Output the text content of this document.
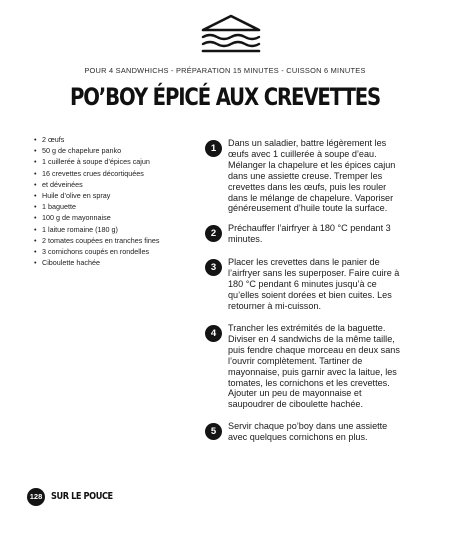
POUR 4 SANDWHICHS - PRÉPARATION 15 MINUTES - CUISSON 6 MINUTES
PO’BOY ÉPICÉ AUX CREVETTES
• 2 œufs
• 50 g de chapelure panko
• 1 cuillerée à soupe d’épices cajun
• 16 crevettes crues décortiquées
• et déveinées
• Huile d’olive en spray
• 1 baguette
• 100 g de mayonnaise
• 1 laitue romaine (180 g)
• 2 tomates coupées en tranches fines
• 3 cornichons coupés en rondelles
• Ciboulette hachée
1	Dans un saladier, battre légèrement les œufs avec 1 cuillerée à soupe d’eau. Mélanger la chapelure et les épices cajun dans une assiette creuse. Tremper les crevettes dans les œufs, puis les rouler dans le mélange de chapelure. Vaporiser généreusement d’huile toute la surface.
2	Préchauffer l’airfryer à 180 °C pendant 3 minutes.
3	Placer les crevettes dans le panier de l’airfryer sans les superposer. Faire cuire à 180 °C pendant 6 minutes jusqu’à ce qu’elles soient dorées et bien cuites. Les retourner à mi-cuisson.
4	Trancher les extrémités de la baguette. Diviser en 4 sandwichs de la même taille, puis fendre chaque morceau en deux sans l’ouvrir complètement. Tartiner de mayonnaise, puis garnir avec la laitue, les tomates, les cornichons et les crevettes. Ajouter un peu de mayonnaise et saupoudrer de ciboulette hachée.
5	Servir chaque po’boy dans une assiette avec quelques cornichons en plus.
128 SUR LE POUCE
